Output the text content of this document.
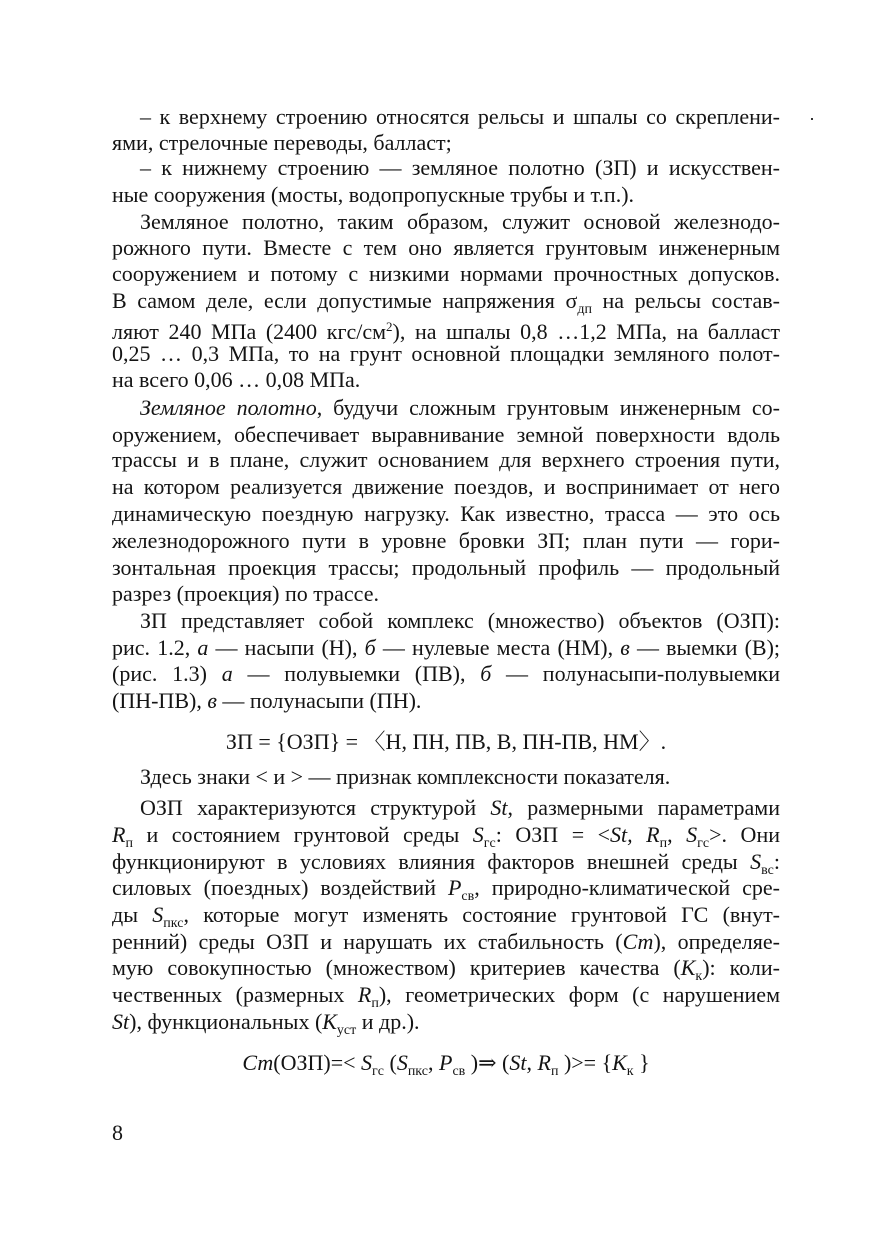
8
– к верхнему строению относятся рельсы и шпалы со скреплени-
ями, стрелочные переводы, балласт;
– к нижнему строению — земляное полотно (ЗП) и искусствен-
ные сооружения (мосты, водопропускные трубы и т.п.).
Земляное полотно, таким образом, служит основой железнодо-
рожного пути. Вместе с тем оно является грунтовым инженерным
сооружением и потому с низкими нормами прочностных допусков.
В самом деле, если допустимые напряжения $\sigma_{дп}$ на рельсы состав-
ляют 240 МПа (2400 кгс/$см^2$), на шпалы 0,8 …1,2 МПа, на балласт
0,25 … 0,3 МПа, то на грунт основной площадки земляного полот-
на всего 0,06 … 0,08 МПа.
Земляное полотно, будучи сложным грунтовым инженерным со-
оружением, обеспечивает выравнивание земной поверхности вдоль
трассы и в плане, служит основанием для верхнего строения пути,
на котором реализуется движение поездов, и воспринимает от него
динамическую поездную нагрузку. Как известно, трасса — это ось
железнодорожного пути в уровне бровки ЗП; план пути — гори-
зонтальная проекция трассы; продольный профиль — продольный
разрез (проекция) по трассе.
ЗП представляет собой комплекс (множество) объектов (ОЗП):
рис. 1.2, а — насыпи (Н), б — нулевые места (НМ), в — выемки (В);
(рис. 1.3) а — полувыемки (ПВ), б — полунасыпи-полувыемки
(ПН-ПВ), в — полунасыпи (ПН).
ЗП = {ОЗП} = 〈Н, ПН, ПВ, В, ПН-ПВ, НМ〉.
Здесь знаки < и > — признак комплексности показателя.
ОЗП характеризуются структурой St, размерными параметрами
$R_п$ и состоянием грунтовой среды $S_{гс}$: ОЗП = <St, $R_п$, $S_{гс}>$. Они
функционируют в условиях влияния факторов внешней среды $S_{вс}$:
силовых (поездных) воздействий $P_{св}$, природно-климатической сре-
ды $S_{пкс}$, которые могут изменять состояние грунтовой ГС (внут-
ренний) среды ОЗП и нарушать их стабильность (Ст), определяе-
мую совокупностью (множеством) критериев качества $(К_к)$: коли-
чественных (размерных $R_п$), геометрических форм (с нарушением
St), функциональных ($К_{уст}$ и др.).
$Ст(ОЗП)=< S_{гс}$ ($S_{пкс}$, $P_{св}$ )⇒ (St, $R_п$ )>= {$К_к$ }
